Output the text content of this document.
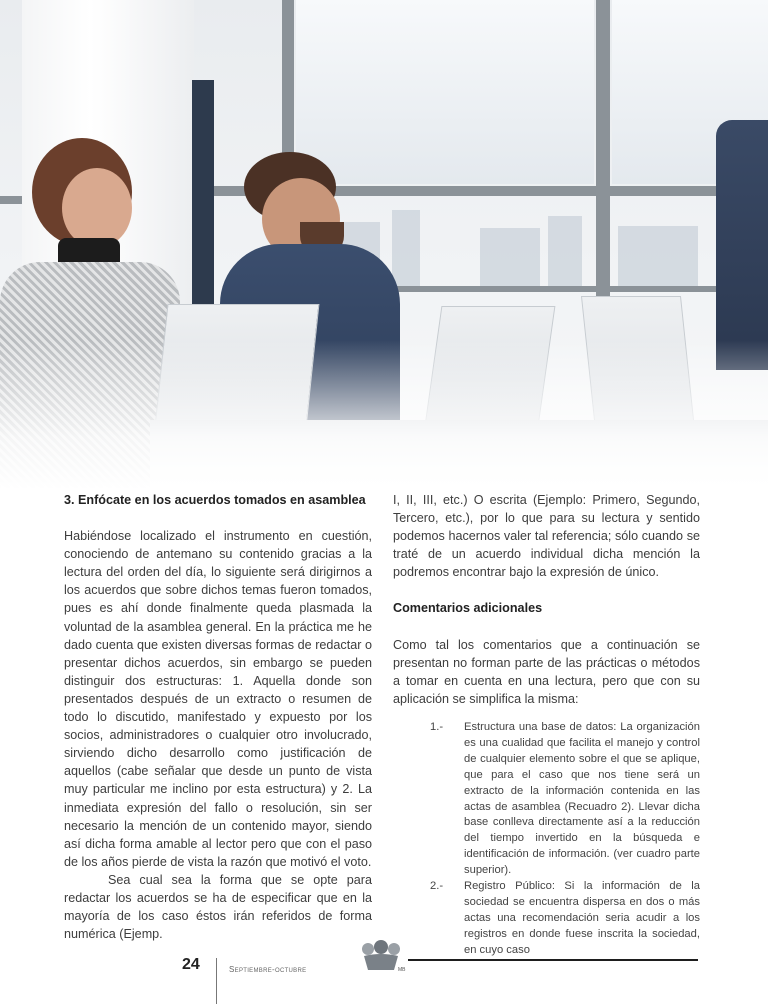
3. Enfócate en los acuerdos tomados en asamblea

Habiéndose localizado el instrumento en cuestión, conociendo de antemano su contenido gracias a la lectura del orden del día, lo siguiente será dirigirnos a los acuerdos que sobre dichos temas fueron tomados, pues es ahí donde finalmente queda plasmada la voluntad de la asamblea general. En la práctica me he dado cuenta que existen diversas formas de redactar o presentar dichos acuerdos, sin embargo se pueden distinguir dos estructuras: 1. Aquella donde son presentados después de un extracto o resumen de todo lo discutido, manifestado y expuesto por los socios, administradores o cualquier otro involucrado, sirviendo dicho desarrollo como justificación de aquellos (cabe señalar que desde un punto de vista muy particular me inclino por esta estructura) y 2. La inmediata expresión del fallo o resolución, sin ser necesario la mención de un contenido mayor, siendo así dicha forma amable al lector pero que con el paso de los años pierde de vista la razón que motivó el voto.

Sea cual sea la forma que se opte para redactar los acuerdos se ha de especificar que en la mayoría de los caso éstos irán referidos de forma numérica (Ejemp.

I, II, III, etc.) O escrita (Ejemplo: Primero, Segundo, Tercero, etc.), por lo que para su lectura y sentido podemos hacernos valer tal referencia; sólo cuando se traté de un acuerdo individual dicha mención la podremos encontrar bajo la expresión de único.

Comentarios adicionales

Como tal los comentarios que a continuación se presentan no forman parte de las prácticas o métodos a tomar en cuenta en una lectura, pero que con su aplicación se simplifica la misma:

1.- Estructura una base de datos: La organización es una cualidad que facilita el manejo y control de cualquier elemento sobre el que se aplique, que para el caso que nos tiene será un extracto de la información contenida en las actas de asamblea (Recuadro 2). Llevar dicha base conlleva directamente así a la reducción del tiempo invertido en la búsqueda e identificación de información. (ver cuadro parte superior).

2.- Registro Público: Si la información de la sociedad se encuentra dispersa en dos o más actas una recomendación seria acudir a los registros en donde fuese inscrita la sociedad, en cuyo caso

24	Septiembre-octubre	MB
